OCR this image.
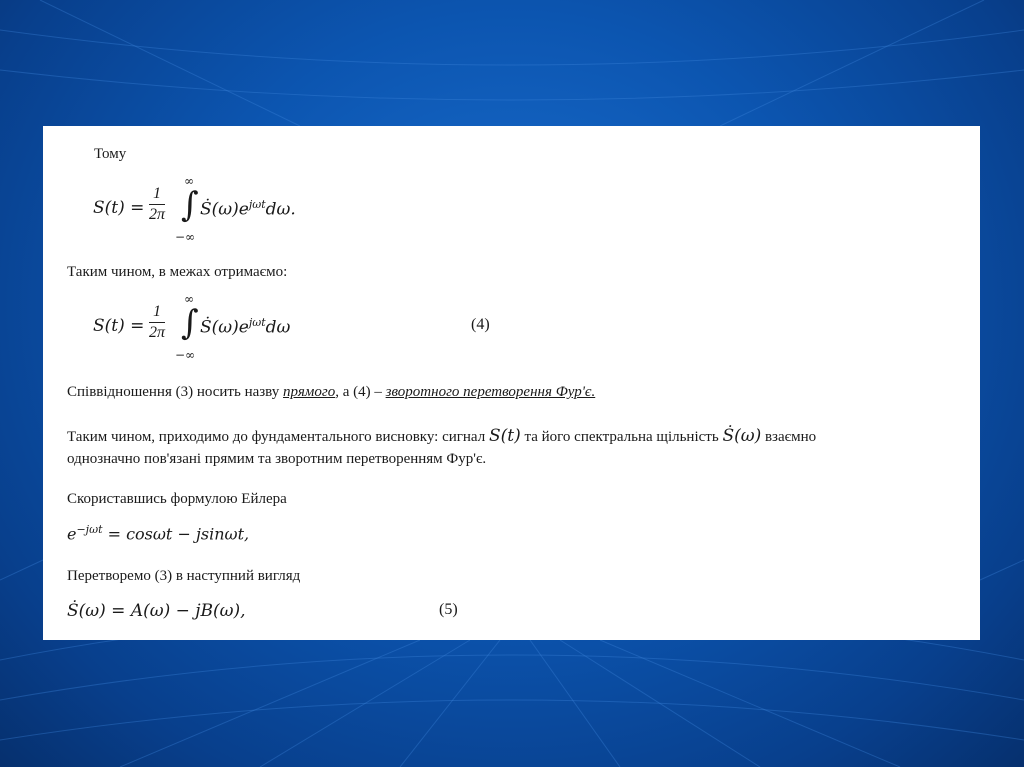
Тому
$S(t) = \frac{1}{2\pi}$ ∫
∞
−∞
$Ṡ(\omega)e^{j\omega t}d\omega$.
Таким чином, в межах отримаємо:
$S(t) = \frac{1}{2\pi}$ ∫
∞
−∞
$Ṡ(\omega)e^{j\omega t}d\omega$	(4)
Співвідношення (3) носить назву прямого, а (4) – зворотного перетворення Фур'є.
Таким чином, приходимо до фундаментального висновку: сигнал S(t) та його спектральна щільність Ṡ(ω) взаємно
однозначно пов'язані прямим та зворотним перетворенням Фур'є.
Скориставшись формулою Ейлера
$e^{-j\omega t} = \cos\omega t - jsin\omega t$,
Перетворемо (3) в наступний вигляд
Ṡ(ω) = A(ω) − jB(ω),	(5)
